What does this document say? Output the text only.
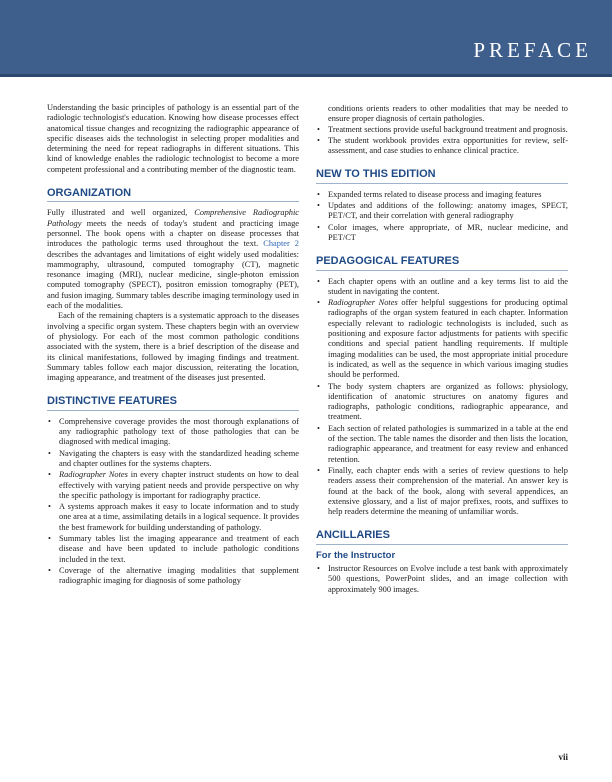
PREFACE

Understanding the basic principles of pathology is an essential part of the radiologic technologist's education. Knowing how disease processes effect anatomical tissue changes and recognizing the radiographic appearance of specific diseases aids the technologist in selecting proper modalities and determining the need for repeat radiographs in different situations. This kind of knowledge enables the radiologic technologist to become a more competent professional and a contributing member of the diagnostic team.

ORGANIZATION

Fully illustrated and well organized, Comprehensive Radiographic Pathology meets the needs of today's student and practicing image personnel. The book opens with a chapter on disease processes that introduces the pathologic terms used throughout the text. Chapter 2 describes the advantages and limitations of eight widely used modalities: mammography, ultrasound, computed tomography (CT), magnetic resonance imaging (MRI), nuclear medicine, single-photon emission computed tomography (SPECT), positron emission tomography (PET), and fusion imaging. Summary tables describe imaging terminology used in each of the modalities.

Each of the remaining chapters is a systematic approach to the diseases involving a specific organ system. These chapters begin with an overview of physiology. For each of the most common pathologic conditions associated with the system, there is a brief description of the disease and its clinical manifestations, followed by imaging findings and treatment. Summary tables follow each major discussion, reiterating the location, imaging appearance, and treatment of the diseases just presented.

DISTINCTIVE FEATURES
• Comprehensive coverage provides the most thorough explanations of any radiographic pathology text of those pathologies that can be diagnosed with medical imaging.
• Navigating the chapters is easy with the standardized heading scheme and chapter outlines for the systems chapters.
• Radiographer Notes in every chapter instruct students on how to deal effectively with varying patient needs and provide perspective on why the specific pathology is important for radiography practice.
• A systems approach makes it easy to locate information and to study one area at a time, assimilating details in a logical sequence. It provides the best framework for building understanding of pathology.
• Summary tables list the imaging appearance and treatment of each disease and have been updated to include pathologic conditions included in the text.
• Coverage of the alternative imaging modalities that supplement radiographic imaging for diagnosis of some pathology

conditions orients readers to other modalities that may be needed to ensure proper diagnosis of certain pathologies.

• Treatment sections provide useful background treatment and prognosis.
• The student workbook provides extra opportunities for review, self-assessment, and case studies to enhance clinical practice.
NEW TO THIS EDITION
• Expanded terms related to disease process and imaging features
• Updates and additions of the following: anatomy images, SPECT, PET/CT, and their correlation with general radiography
• Color images, where appropriate, of MR, nuclear medicine, and PET/CT
PEDAGOGICAL FEATURES
• Each chapter opens with an outline and a key terms list to aid the student in navigating the content.
• Radiographer Notes offer helpful suggestions for producing optimal radiographs of the organ system featured in each chapter. Information especially relevant to radiologic technologists is included, such as positioning and exposure factor adjustments for patients with specific conditions and special patient handling requirements. If multiple imaging modalities can be used, the most appropriate initial procedure is indicated, as well as the sequence in which various imaging studies should be performed.
• The body system chapters are organized as follows: physiology, identification of anatomic structures on anatomy figures and radiographs, pathologic conditions, radiographic appearance, and treatment.
• Each section of related pathologies is summarized in a table at the end of the section. The table names the disorder and then lists the location, radiographic appearance, and treatment for easy review and enhanced retention.
• Finally, each chapter ends with a series of review questions to help readers assess their comprehension of the material. An answer key is found at the back of the book, along with several appendices, an extensive glossary, and a list of major prefixes, roots, and suffixes to help readers determine the meaning of unfamiliar words.
ANCILLARIES
For the Instructor
• Instructor Resources on Evolve include a test bank with approximately 500 questions, PowerPoint slides, and an image collection with approximately 900 images.
vii
